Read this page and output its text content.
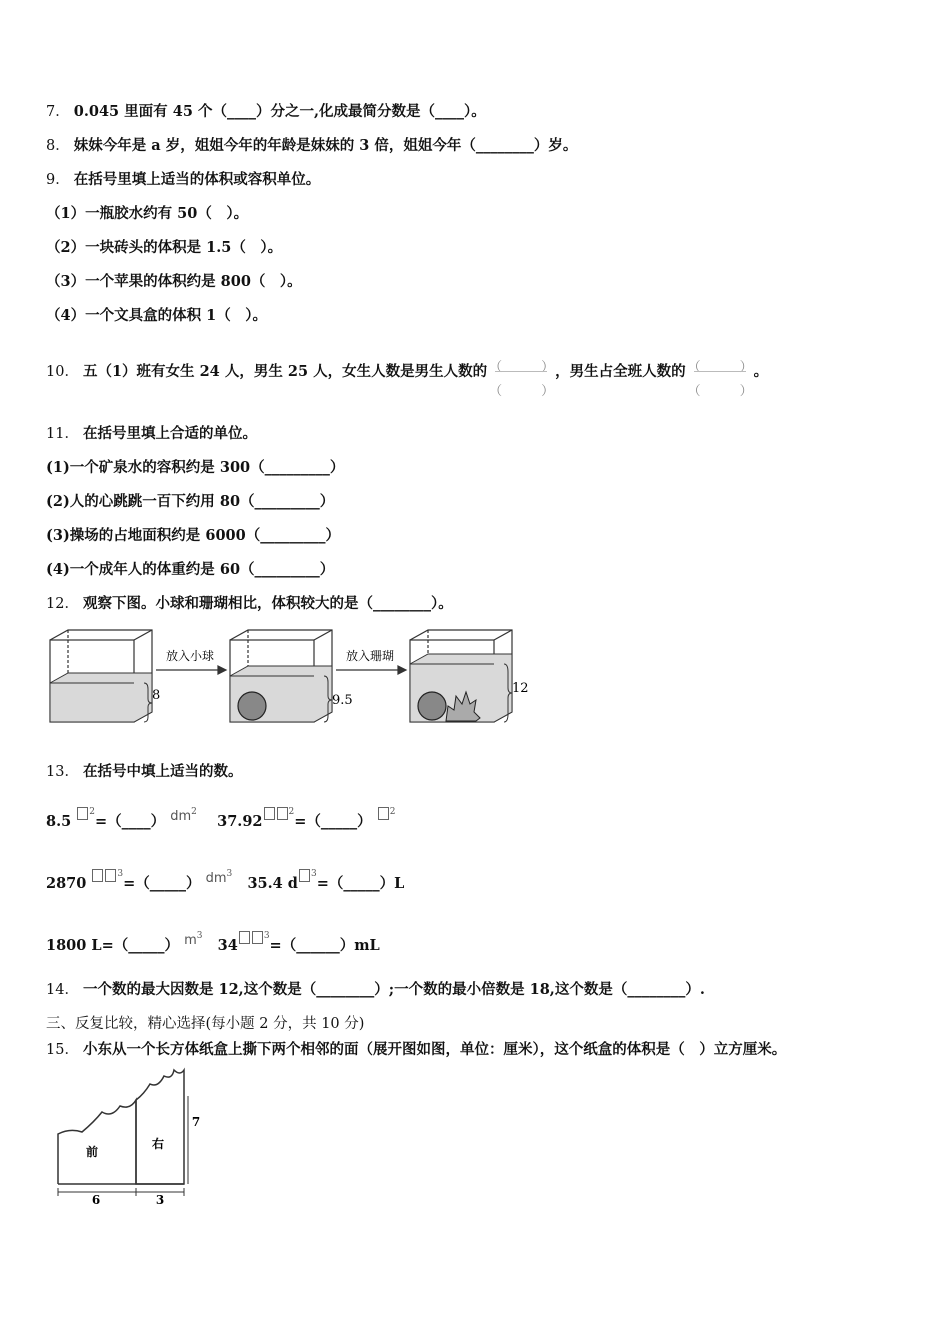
7． 0.045 里面有 45 个（____）分之一,化成最简分数是（____）。
8． 妹妹今年是 a 岁，姐姐今年的年龄是妹妹的 3 倍，姐姐今年（________）岁。
9． 在括号里填上适当的体积或容积单位。
（1）一瓶胶水约有 50（　）。
（2）一块砖头的体积是 1.5（　）。
（3）一个苹果的体积约是 800（　）。
（4）一个文具盒的体积 1（　）。
10． 五（1）班有女生 24 人，男生 25 人，女生人数是男生人数的 （　　　）
（　　　）
，男生占全班人数的 （　　　）
（　　　）
。
11． 在括号里填上合适的单位。
(1)一个矿泉水的容积约是 300（_________）
(2)人的心跳跳一百下约用 80（_________）
(3)操场的占地面积约是 6000（_________）
(4)一个成年人的体重约是 60（_________）
12． 观察下图。小球和珊瑚相比，体积较大的是（________）。
放入小球	放入珊瑚
8	9.5
12
13． 在括号中填上适当的数。
8.5 $^2$=（____） $dm^2$    $37.92^2=(\_\_\_\_\_)$ $^2$
2870 $^3$=（_____） $dm^3$   35.4 $d^3=(\_\_\_\_\_)L$
1800 L=（_____） $m^3$   $34^3=(\_\_\_\_\_\_)mL$
14． 一个数的最大因数是 12,这个数是（________）;一个数的最小倍数是 18,这个数是（________）.
三、反复比较，精心选择(每小题 2 分，共 10 分)
15． 小东从一个长方体纸盒上撕下两个相邻的面（展开图如图，单位：厘米），这个纸盒的体积是（　）立方厘米。
前
右
6	3
7
